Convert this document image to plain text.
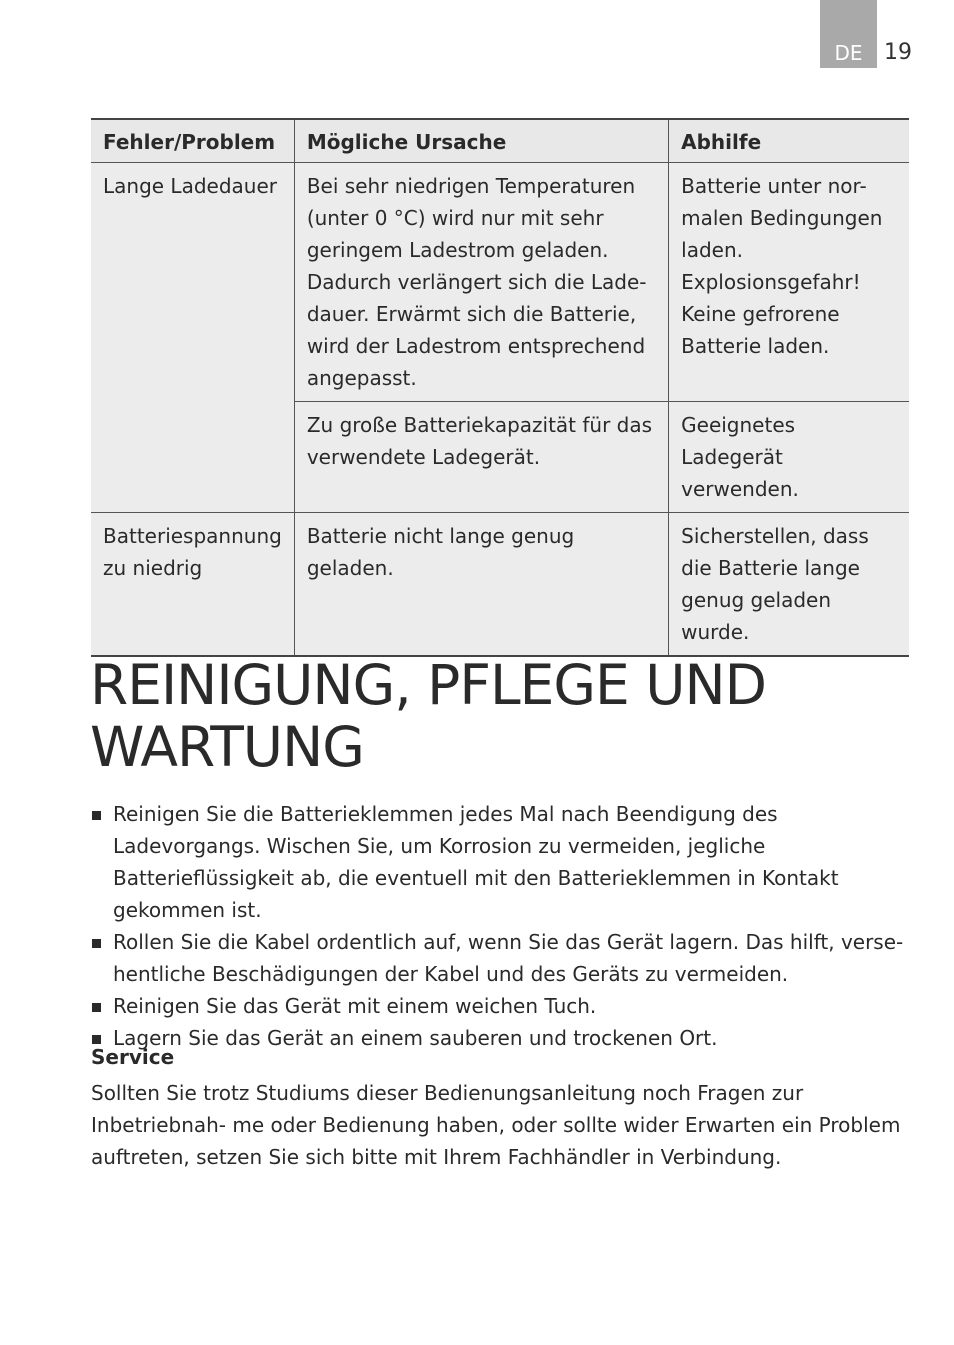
DE 19
Fehler/Problem	Mögliche Ursache	Abhilfe
Lange Ladedauer	Bei sehr niedrigen Temperaturen (unter 0 °C) wird nur mit sehr geringem Ladestrom geladen. Dadurch verlängert sich die Lade- dauer. Erwärmt sich die Batterie, wird der Ladestrom entsprechend angepasst.	Batterie unter nor- malen Bedingungen laden. Explosionsgefahr! Keine gefrorene Batterie laden.
	Zu große Batteriekapazität für das verwendete Ladegerät.	Geeignetes Ladegerät verwenden.
Batteriespannung zu niedrig	Batterie nicht lange genug geladen.	Sicherstellen, dass die Batterie lange genug geladen wurde.
REINIGUNG, PFLEGE UND WARTUNG
Reinigen Sie die Batterieklemmen jedes Mal nach Beendigung des Ladevorgangs. Wischen Sie, um Korrosion zu vermeiden, jegliche Batterieflüssigkeit ab, die eventuell mit den Batterieklemmen in Kontakt gekommen ist.
Rollen Sie die Kabel ordentlich auf, wenn Sie das Gerät lagern. Das hilft, verse- hentliche Beschädigungen der Kabel und des Geräts zu vermeiden.
Reinigen Sie das Gerät mit einem weichen Tuch.
Lagern Sie das Gerät an einem sauberen und trockenen Ort.
Service

Sollten Sie trotz Studiums dieser Bedienungsanleitung noch Fragen zur Inbetriebnah- me oder Bedienung haben, oder sollte wider Erwarten ein Problem auftreten, setzen Sie sich bitte mit Ihrem Fachhändler in Verbindung.
